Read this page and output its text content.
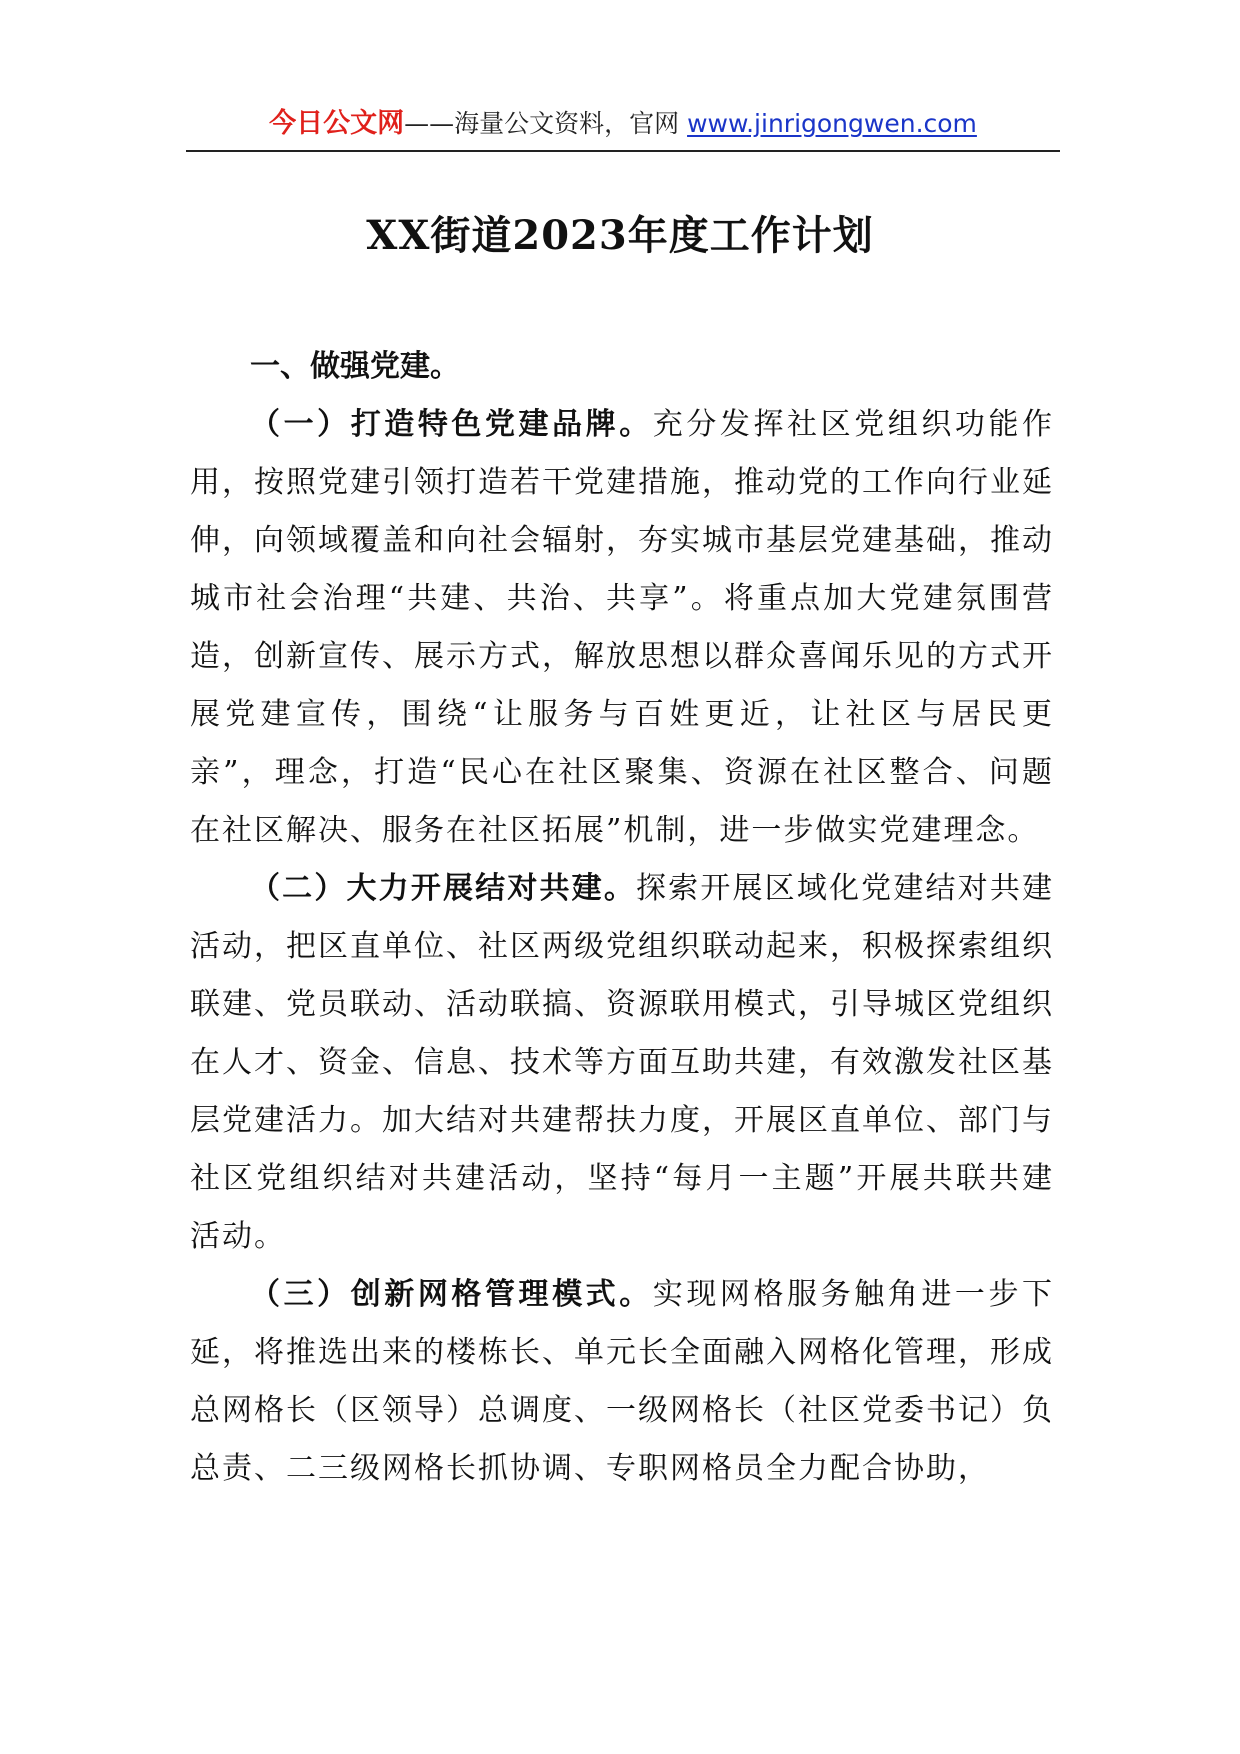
今日公文网——海量公文资料，官网 www.jinrigongwen.com
XX街道2023年度工作计划

一、做强党建。

（一）打造特色党建品牌。充分发挥社区党组织功能作用，按照党建引领打造若干党建措施，推动党的工作向行业延伸，向领域覆盖和向社会辐射，夯实城市基层党建基础，推动城市社会治理“共建、共治、共享”。将重点加大党建氛围营造，创新宣传、展示方式，解放思想以群众喜闻乐见的方式开展党建宣传，围绕“让服务与百姓更近，让社区与居民更亲”，理念，打造“民心在社区聚集、资源在社区整合、问题在社区解决、服务在社区拓展”机制，进一步做实党建理念。

（二）大力开展结对共建。探索开展区域化党建结对共建活动，把区直单位、社区两级党组织联动起来，积极探索组织联建、党员联动、活动联搞、资源联用模式，引导城区党组织在人才、资金、信息、技术等方面互助共建，有效激发社区基层党建活力。加大结对共建帮扶力度，开展区直单位、部门与社区党组织结对共建活动，坚持“每月一主题”开展共联共建活动。

（三）创新网格管理模式。实现网格服务触角进一步下延，将推选出来的楼栋长、单元长全面融入网格化管理，形成总网格长（区领导）总调度、一级网格长（社区党委书记）负总责、二三级网格长抓协调、专职网格员全力配合协助，
